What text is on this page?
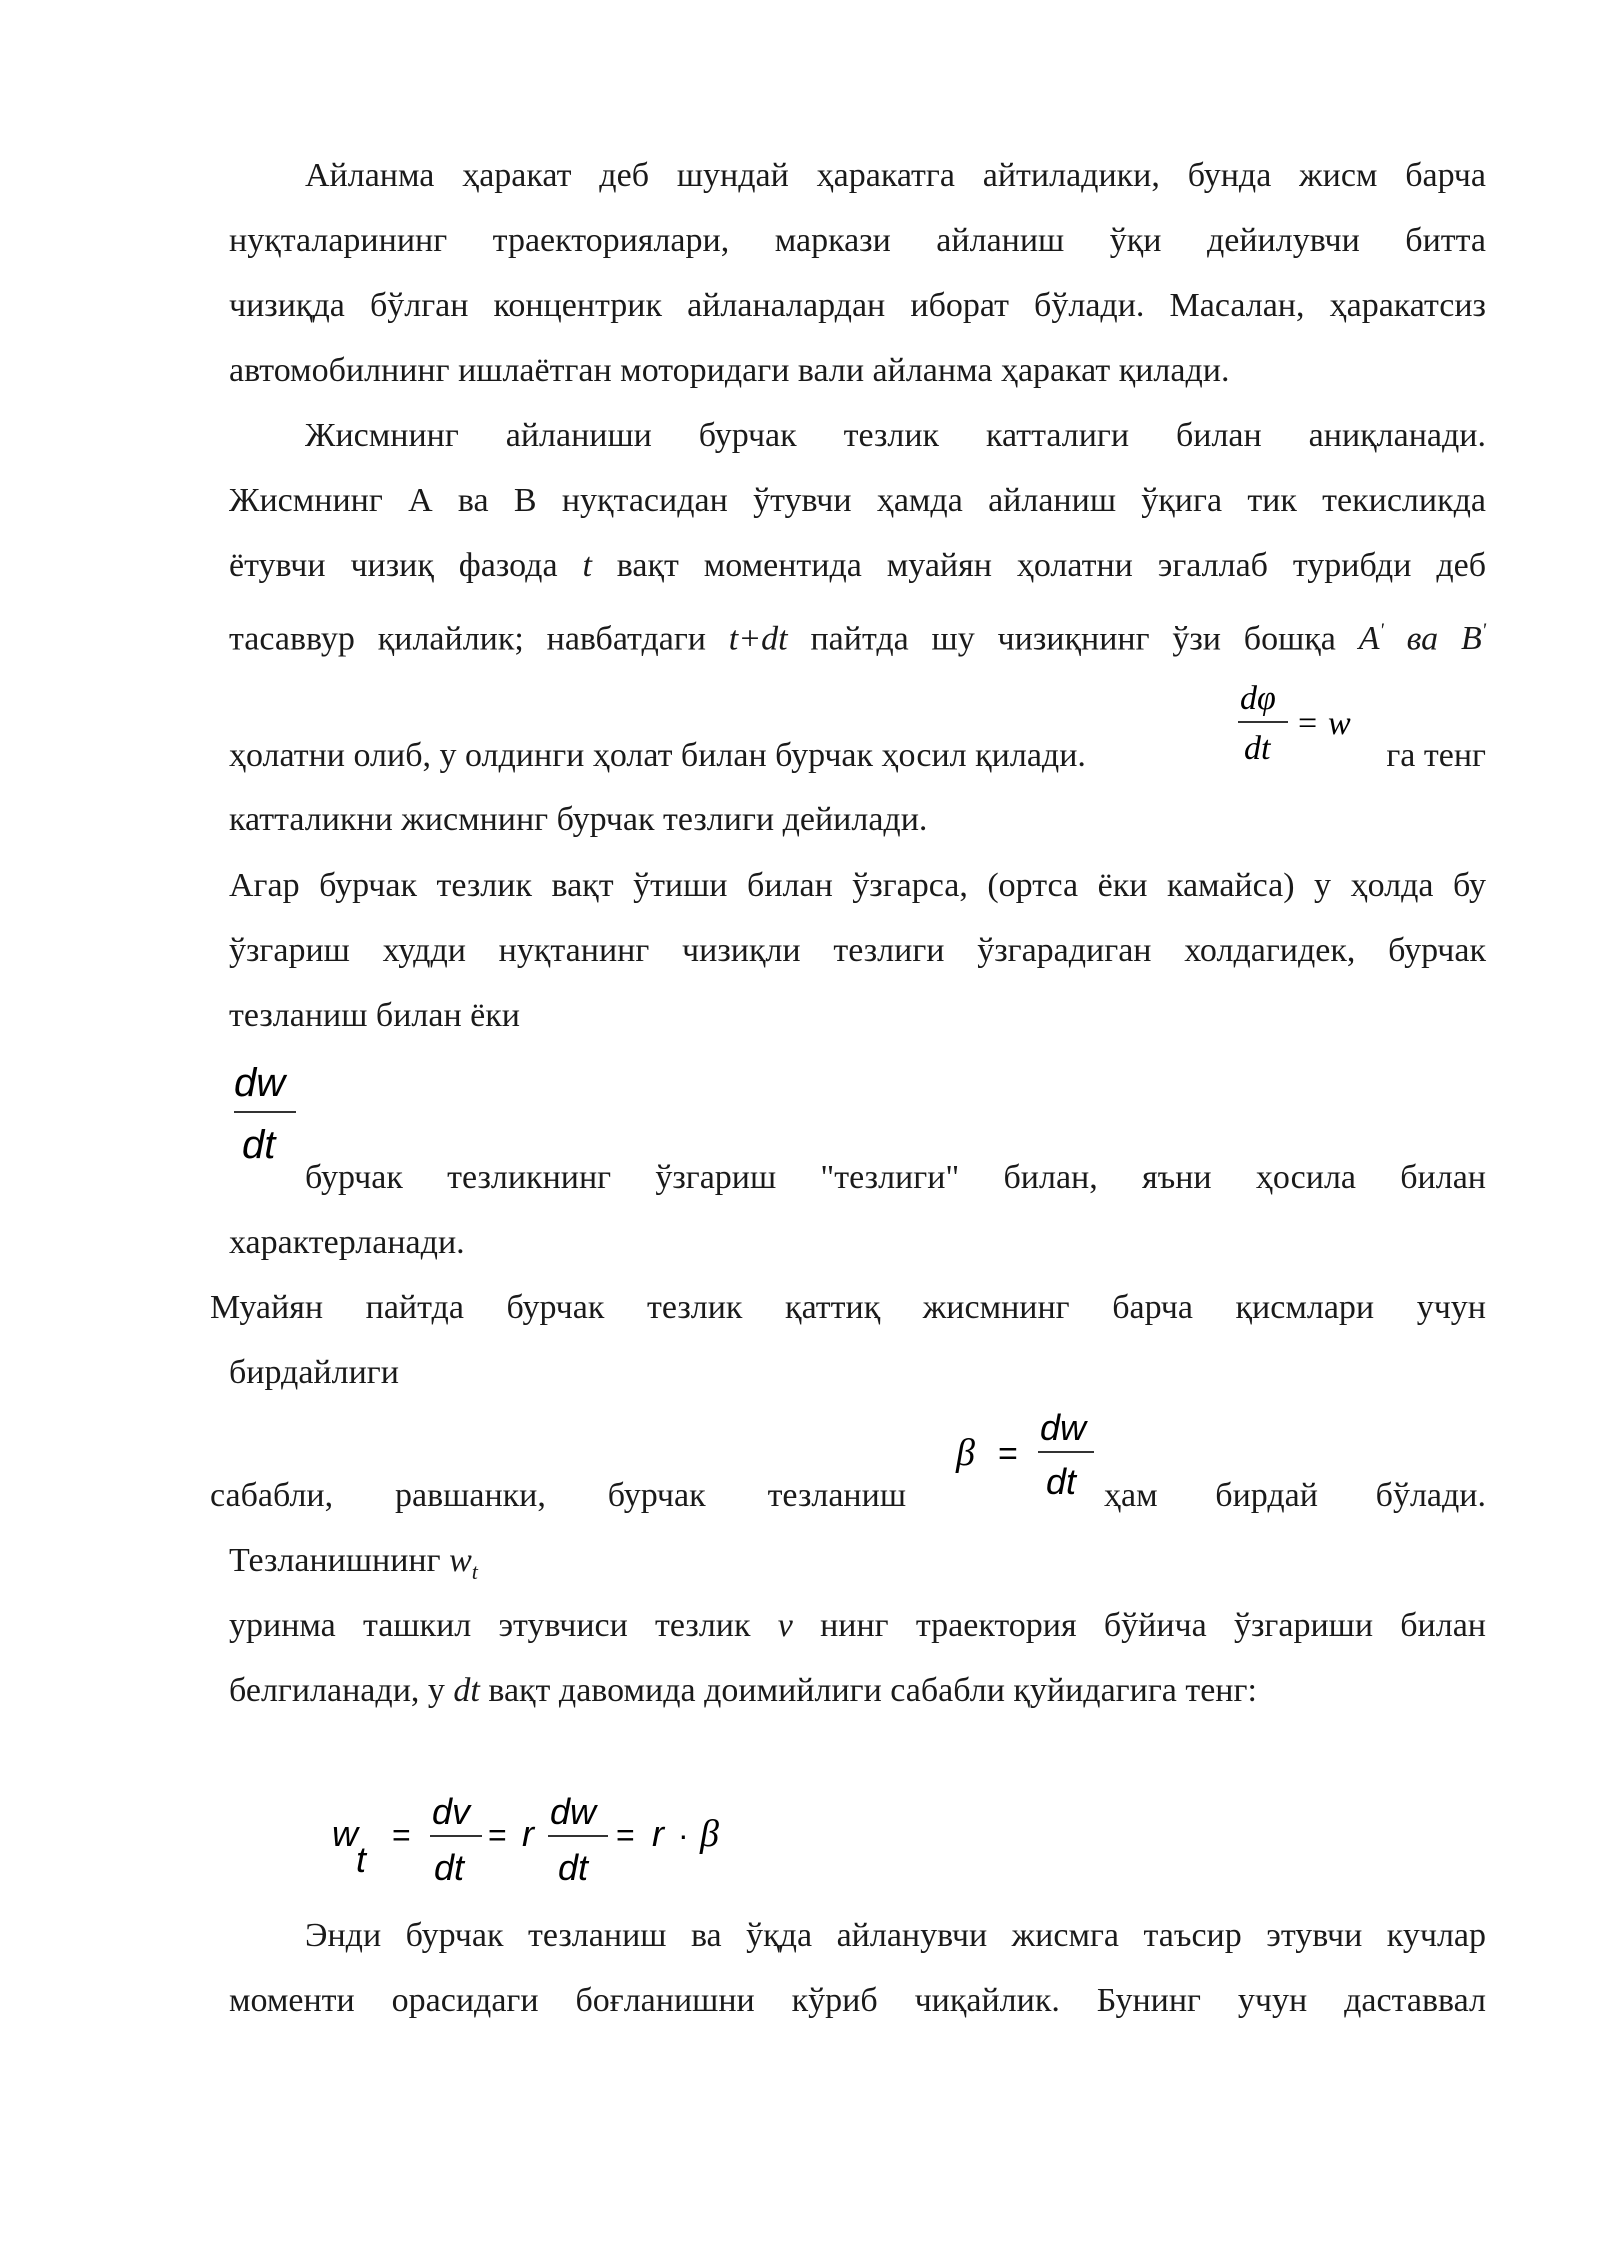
Айланма ҳаракат деб шундай ҳаракатга айтиладики, бунда жисм барча
нуқталарининг траекториялари, маркази айланиш ўқи дейилувчи битта
чизиқда бўлган концентрик айланалардан иборат бўлади. Масалан, ҳаракатсиз
автомобилнинг ишлаётган моторидаги вали айланма ҳаракат қилади.
Жисмнинг айланиши бурчак тезлик катталиги билан аниқланади.
Жисмнинг А ва В нуқтасидан ўтувчи ҳамда айланиш ўқига тик текисликда
ётувчи чизиқ фазода t вақт моментида муайян ҳолатни эгаллаб турибди деб
тасаввур қилайлик; навбатдаги t+dt пайтда шу чизиқнинг ўзи бошқа A' ва B'
ҳолатни олиб, у олдинги ҳолат билан бурчак ҳосил қилади.	га тенг
dφ
dt
= w
катталикни жисмнинг бурчак тезлиги дейилади.
Агар бурчак тезлик вақт ўтиши билан ўзгарса, (ортса ёки камайса) у ҳолда бу
ўзгариш худди нуқтанинг чизиқли тезлиги ўзгарадиган холдагидек, бурчак
тезланиш билан ёки
dw
dt
бурчак тезликнинг ўзгариш "тезлиги" билан, яъни ҳосила билан
характерланади.
Муайян пайтда бурчак тезлик қаттиқ жисмнинг барча қисмлари учун
бирдайлиги
сабабли, равшанки, бурчак тезланиш	ҳам бирдай бўлади.
β =
dw
dt
Тезланишнинг $w_t$
уринма ташкил этувчиси тезлик v нинг траектория бўйича ўзгариши билан
белгиланади, у dt вақт давомида доимийлиги сабабли қуйидагига тенг:
w
t
=
dv
dt
= r
dw
dt
= r · β
Энди бурчак тезланиш ва ўқда айланувчи жисмга таъсир этувчи кучлар
моменти орасидаги боғланишни кўриб чиқайлик. Бунинг учун даставвал
